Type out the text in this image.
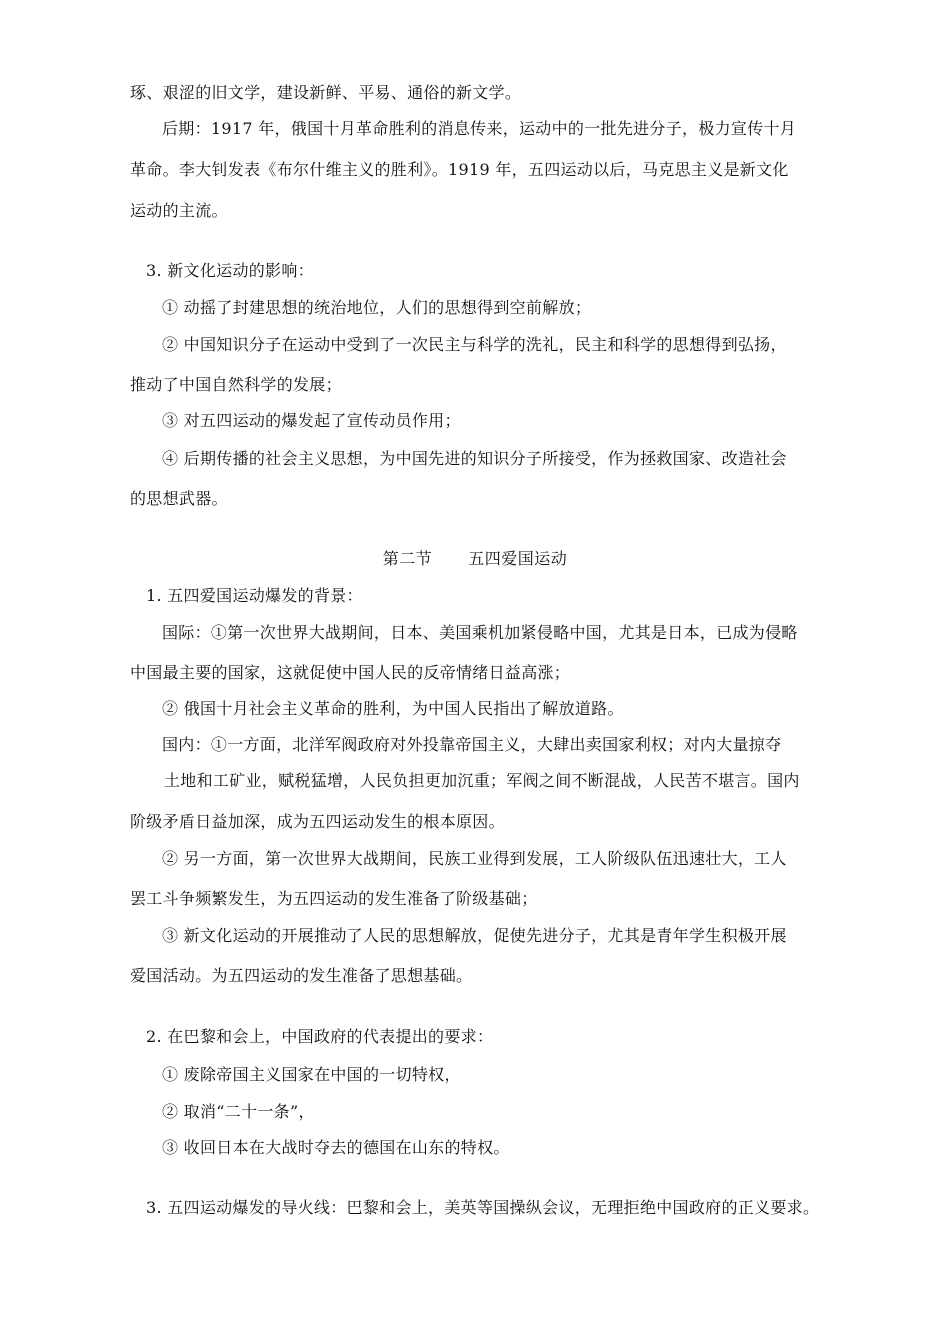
琢、艰涩的旧文学，建设新鲜、平易、通俗的新文学。
后期：1917 年，俄国十月革命胜利的消息传来，运动中的一批先进分子，极力宣传十月
革命。李大钊发表《布尔什维主义的胜利》。1919 年，五四运动以后，马克思主义是新文化
运动的主流。
3. 新文化运动的影响：
① 动摇了封建思想的统治地位，人们的思想得到空前解放；
② 中国知识分子在运动中受到了一次民主与科学的洗礼，民主和科学的思想得到弘扬，
推动了中国自然科学的发展；
③ 对五四运动的爆发起了宣传动员作用；
④ 后期传播的社会主义思想，为中国先进的知识分子所接受，作为拯救国家、改造社会
的思想武器。
第二节 五四爱国运动
1. 五四爱国运动爆发的背景：
国际：①第一次世界大战期间，日本、美国乘机加紧侵略中国，尤其是日本，已成为侵略
中国最主要的国家，这就促使中国人民的反帝情绪日益高涨；
② 俄国十月社会主义革命的胜利，为中国人民指出了解放道路。
国内：①一方面，北洋军阀政府对外投靠帝国主义，大肆出卖国家利权；对内大量掠夺
土地和工矿业，赋税猛增，人民负担更加沉重；军阀之间不断混战，人民苦不堪言。国内
阶级矛盾日益加深，成为五四运动发生的根本原因。
② 另一方面，第一次世界大战期间，民族工业得到发展，工人阶级队伍迅速壮大，工人
罢工斗争频繁发生，为五四运动的发生准备了阶级基础；
③ 新文化运动的开展推动了人民的思想解放，促使先进分子，尤其是青年学生积极开展
爱国活动。为五四运动的发生准备了思想基础。
2. 在巴黎和会上，中国政府的代表提出的要求：
① 废除帝国主义国家在中国的一切特权，
② 取消“二十一条”，
③ 收回日本在大战时夺去的德国在山东的特权。
3. 五四运动爆发的导火线：巴黎和会上，美英等国操纵会议，无理拒绝中国政府的正义要求。
